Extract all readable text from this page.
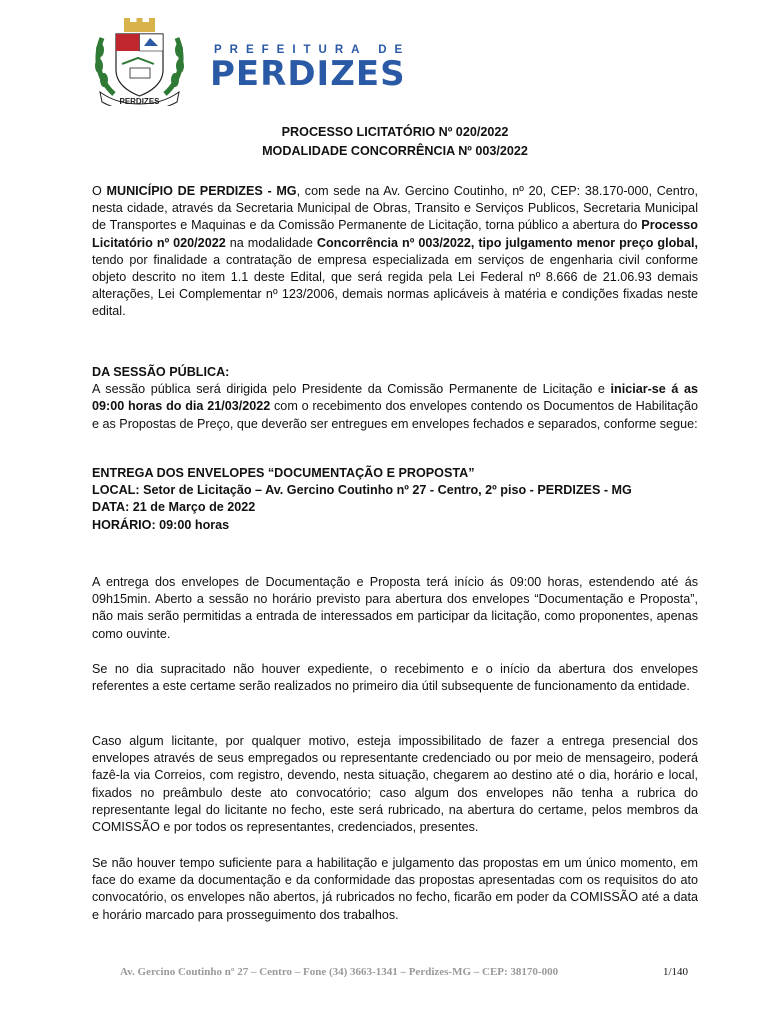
PERDIZES
PREFEITURA DE
PERDIZES
PROCESSO LICITATÓRIO Nº 020/2022
MODALIDADE CONCORRÊNCIA Nº 003/2022
O MUNICÍPIO DE PERDIZES - MG, com sede na Av. Gercino Coutinho, nº 20, CEP: 38.170-000, Centro, nesta cidade, através da Secretaria Municipal de Obras, Transito e Serviços Publicos, Secretaria Municipal de Transportes e Maquinas e da Comissão Permanente de Licitação, torna público a abertura do Processo Licitatório nº 020/2022 na modalidade Concorrência nº 003/2022, tipo julgamento menor preço global, tendo por finalidade a contratação de empresa especializada em serviços de engenharia civil conforme objeto descrito no item 1.1 deste Edital, que será regida pela Lei Federal nº 8.666 de 21.06.93 demais alterações, Lei Complementar nº 123/2006, demais normas aplicáveis à matéria e condições fixadas neste edital.
DA SESSÃO PÚBLICA:
A sessão pública será dirigida pelo Presidente da Comissão Permanente de Licitação e iniciar-se á as 09:00 horas do dia 21/03/2022 com o recebimento dos envelopes contendo os Documentos de Habilitação e as Propostas de Preço, que deverão ser entregues em envelopes fechados e separados, conforme segue:
ENTREGA DOS ENVELOPES “DOCUMENTAÇÃO E PROPOSTA”
LOCAL: Setor de Licitação – Av. Gercino Coutinho nº 27 - Centro, 2º piso - PERDIZES - MG
DATA: 21 de Março de 2022
HORÁRIO: 09:00 horas
A entrega dos envelopes de Documentação e Proposta terá início ás 09:00 horas, estendendo até ás 09h15min. Aberto a sessão no horário previsto para abertura dos envelopes “Documentação e Proposta”, não mais serão permitidas a entrada de interessados em participar da licitação, como proponentes, apenas como ouvinte.
Se no dia supracitado não houver expediente, o recebimento e o início da abertura dos envelopes referentes a este certame serão realizados no primeiro dia útil subsequente de funcionamento da entidade.
Caso algum licitante, por qualquer motivo, esteja impossibilitado de fazer a entrega presencial dos envelopes através de seus empregados ou representante credenciado ou por meio de mensageiro, poderá fazê-la via Correios, com registro, devendo, nesta situação, chegarem ao destino até o dia, horário e local, fixados no preâmbulo deste ato convocatório; caso algum dos envelopes não tenha a rubrica do representante legal do licitante no fecho, este será rubricado, na abertura do certame, pelos membros da COMISSÃO e por todos os representantes, credenciados, presentes.
Se não houver tempo suficiente para a habilitação e julgamento das propostas em um único momento, em face do exame da documentação e da conformidade das propostas apresentadas com os requisitos do ato convocatório, os envelopes não abertos, já rubricados no fecho, ficarão em poder da COMISSÃO até a data e horário marcado para prosseguimento dos trabalhos.
Av. Gercino Coutinho nº 27 – Centro – Fone (34) 3663-1341 – Perdizes-MG – CEP: 38170-000	1/140
